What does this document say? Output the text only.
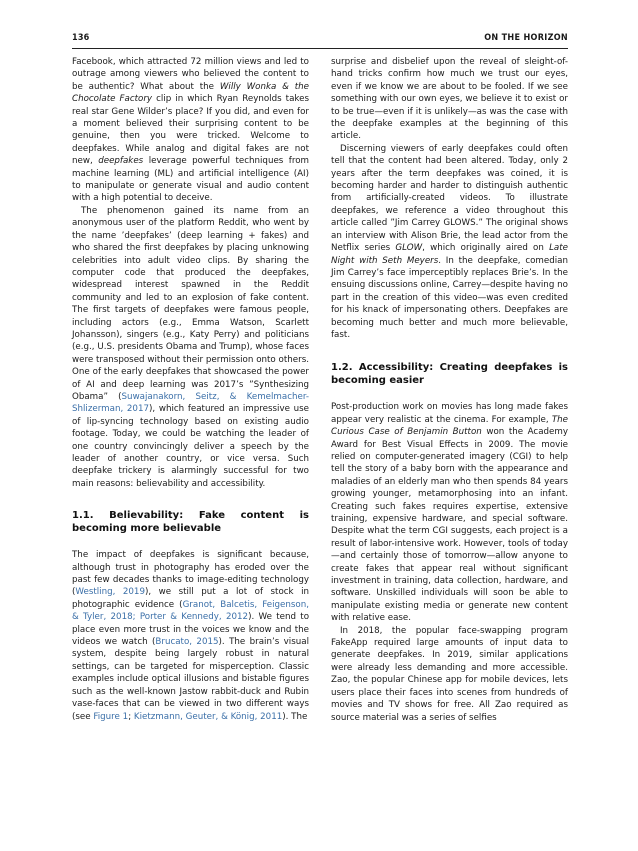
136	ON THE HORIZON

Facebook, which attracted 72 million views and led to outrage among viewers who believed the content to be authentic? What about the Willy Wonka & the Chocolate Factory clip in which Ryan Reynolds takes real star Gene Wilder’s place? If you did, and even for a moment believed their surprising content to be genuine, then you were tricked. Welcome to deepfakes. While analog and digital fakes are not new, deepfakes leverage powerful techniques from machine learning (ML) and artificial intelligence (AI) to manipulate or generate visual and audio content with a high potential to deceive.

The phenomenon gained its name from an anonymous user of the platform Reddit, who went by the name ’deepfakes’ (deep learning + fakes) and who shared the first deepfakes by placing unknowing celebrities into adult video clips. By sharing the computer code that produced the deepfakes, widespread interest spawned in the Reddit community and led to an explosion of fake content. The first targets of deepfakes were famous people, including actors (e.g., Emma Watson, Scarlett Johansson), singers (e.g., Katy Perry) and politicians (e.g., U.S. presidents Obama and Trump), whose faces were transposed without their permission onto others. One of the early deepfakes that showcased the power of AI and deep learning was 2017’s ”Synthesizing Obama” (Suwajanakorn, Seitz, & Kemelmacher-Shlizerman, 2017), which featured an impressive use of lip-syncing technology based on existing audio footage. Today, we could be watching the leader of one country convincingly deliver a speech by the leader of another country, or vice versa. Such deepfake trickery is alarmingly successful for two main reasons: believability and accessibility.

1.1. Believability: Fake content is becoming more believable

The impact of deepfakes is significant because, although trust in photography has eroded over the past few decades thanks to image-editing technology (Westling, 2019), we still put a lot of stock in photographic evidence (Granot, Balcetis, Feigenson, & Tyler, 2018; Porter & Kennedy, 2012). We tend to place even more trust in the voices we know and the videos we watch (Brucato, 2015). The brain’s visual system, despite being largely robust in natural settings, can be targeted for misperception. Classic examples include optical illusions and bistable figures such as the well-known Jastow rabbit-duck and Rubin vase-faces that can be viewed in two different ways (see Figure 1; Kietzmann, Geuter, & König, 2011). The

surprise and disbelief upon the reveal of sleight-of-hand tricks confirm how much we trust our eyes, even if we know we are about to be fooled. If we see something with our own eyes, we believe it to exist or to be true—even if it is unlikely—as was the case with the deepfake examples at the beginning of this article.

Discerning viewers of early deepfakes could often tell that the content had been altered. Today, only 2 years after the term deepfakes was coined, it is becoming harder and harder to distinguish authentic from artificially-created videos. To illustrate deepfakes, we reference a video throughout this article called ”Jim Carrey GLOWS.” The original shows an interview with Alison Brie, the lead actor from the Netflix series GLOW, which originally aired on Late Night with Seth Meyers. In the deepfake, comedian Jim Carrey’s face imperceptibly replaces Brie’s. In the ensuing discussions online, Carrey—despite having no part in the creation of this video—was even credited for his knack of impersonating others. Deepfakes are becoming much better and much more believable, fast.

1.2. Accessibility: Creating deepfakes is becoming easier

Post-production work on movies has long made fakes appear very realistic at the cinema. For example, The Curious Case of Benjamin Button won the Academy Award for Best Visual Effects in 2009. The movie relied on computer-generated imagery (CGI) to help tell the story of a baby born with the appearance and maladies of an elderly man who then spends 84 years growing younger, metamorphosing into an infant. Creating such fakes requires expertise, extensive training, expensive hardware, and special software. Despite what the term CGI suggests, each project is a result of labor-intensive work. However, tools of today—and certainly those of tomorrow—allow anyone to create fakes that appear real without significant investment in training, data collection, hardware, and software. Unskilled individuals will soon be able to manipulate existing media or generate new content with relative ease.

In 2018, the popular face-swapping program FakeApp required large amounts of input data to generate deepfakes. In 2019, similar applications were already less demanding and more accessible. Zao, the popular Chinese app for mobile devices, lets users place their faces into scenes from hundreds of movies and TV shows for free. All Zao required as source material was a series of selfies
